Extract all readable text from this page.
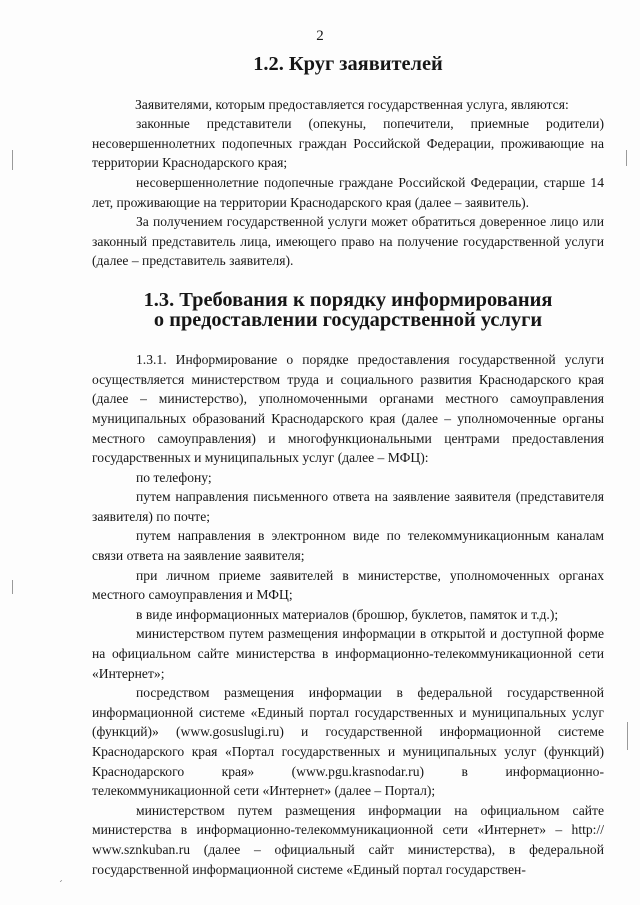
2
1.2. Круг заявителей

Заявителями, которым предоставляется государственная услуга, являются:

законные представители (опекуны, попечители, приемные родители) несовершеннолетних подопечных граждан Российской Федерации, проживающие на территории Краснодарского края;

несовершеннолетние подопечные граждане Российской Федерации, старше 14 лет, проживающие на территории Краснодарского края (далее – заявитель).

За получением государственной услуги может обратиться доверенное лицо или законный представитель лица, имеющего право на получение государственной услуги (далее – представитель заявителя).

1.3. Требования к порядку информирования
о предоставлении государственной услуги

1.3.1. Информирование о порядке предоставления государственной услуги осуществляется министерством труда и социального развития Краснодарского края (далее – министерство), уполномоченными органами местного самоуправления муниципальных образований Краснодарского края (далее – уполномоченные органы местного самоуправления) и многофункциональными центрами предоставления государственных и муниципальных услуг (далее – МФЦ):

по телефону;

путем направления письменного ответа на заявление заявителя (представителя заявителя) по почте;

путем направления в электронном виде по телекоммуникационным каналам связи ответа на заявление заявителя;

при личном приеме заявителей в министерстве, уполномоченных органах местного самоуправления и МФЦ;

в виде информационных материалов (брошюр, буклетов, памяток и т.д.);

министерством путем размещения информации в открытой и доступной форме на официальном сайте министерства в информационно-телекоммуникационной сети «Интернет»;

посредством размещения информации в федеральной государственной информационной системе «Единый портал государственных и муниципальных услуг (функций)» (www.gosuslugi.ru) и государственной информационной системе Краснодарского края «Портал государственных и муниципальных услуг (функций) Краснодарского края» (www.pgu.krasnodar.ru) в информационно-телекоммуникационной сети «Интернет» (далее – Портал);

министерством путем размещения информации на официальном сайте министерства в информационно-телекоммуникационной сети «Интернет» – http:// www.sznkuban.ru (далее – официальный сайт министерства), в федеральной государственной информационной системе «Единый портал государствен-

´
